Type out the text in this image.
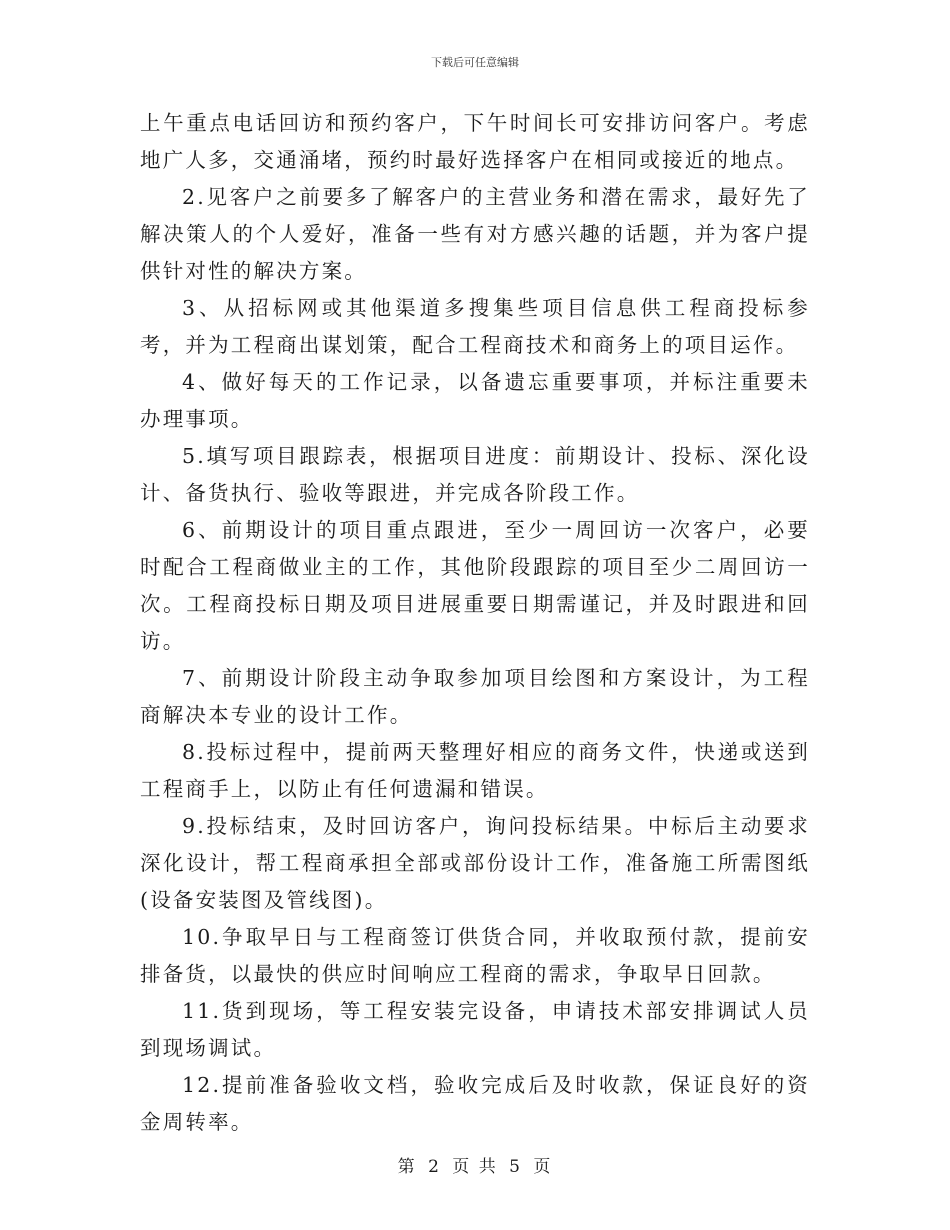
下载后可任意编辑

上午重点电话回访和预约客户，下午时间长可安排访问客户。考虑地广人多，交通涌堵，预约时最好选择客户在相同或接近的地点。

2.见客户之前要多了解客户的主营业务和潜在需求，最好先了解决策人的个人爱好，准备一些有对方感兴趣的话题，并为客户提供针对性的解决方案。

3、从招标网或其他渠道多搜集些项目信息供工程商投标参考，并为工程商出谋划策，配合工程商技术和商务上的项目运作。

4、做好每天的工作记录，以备遗忘重要事项，并标注重要未办理事项。

5.填写项目跟踪表，根据项目进度：前期设计、投标、深化设计、备货执行、验收等跟进，并完成各阶段工作。

6、前期设计的项目重点跟进，至少一周回访一次客户，必要时配合工程商做业主的工作，其他阶段跟踪的项目至少二周回访一次。工程商投标日期及项目进展重要日期需谨记，并及时跟进和回访。

7、前期设计阶段主动争取参加项目绘图和方案设计，为工程商解决本专业的设计工作。

8.投标过程中，提前两天整理好相应的商务文件，快递或送到工程商手上，以防止有任何遗漏和错误。

9.投标结束，及时回访客户，询问投标结果。中标后主动要求深化设计，帮工程商承担全部或部份设计工作，准备施工所需图纸(设备安装图及管线图)。

10.争取早日与工程商签订供货合同，并收取预付款，提前安排备货，以最快的供应时间响应工程商的需求，争取早日回款。

11.货到现场，等工程安装完设备，申请技术部安排调试人员到现场调试。

12.提前准备验收文档，验收完成后及时收款，保证良好的资金周转率。

第 2 页 共 5 页
